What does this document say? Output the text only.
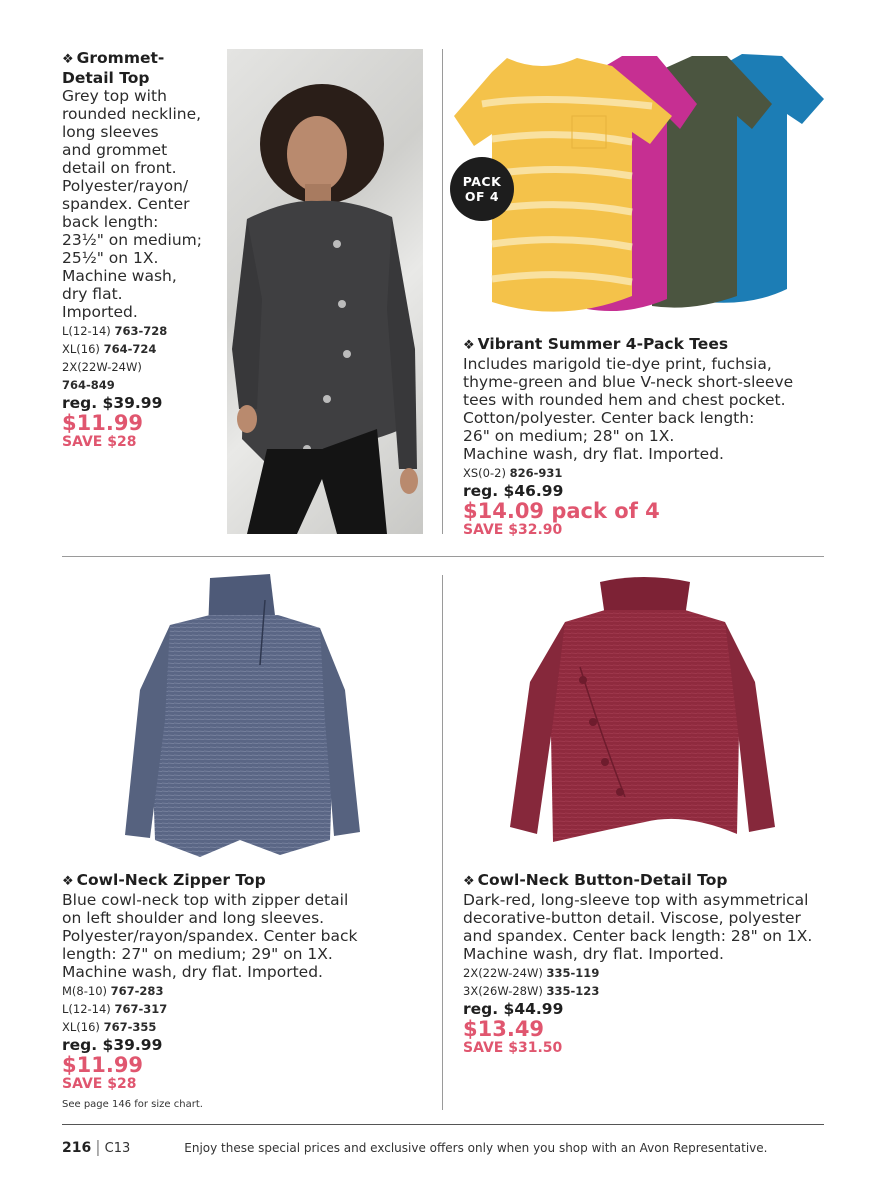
❖ Grommet-
Detail Top
Grey top with
rounded neckline,
long sleeves
and grommet
detail on front.
Polyester/rayon/
spandex. Center
back length:
23½" on medium;
25½" on 1X.
Machine wash,
dry flat.
Imported.
L(12-14) 763-728
XL(16) 764-724
2X(22W-24W)
764-849
reg. $39.99
$11.99
SAVE $28
PACK
OF 4
❖ Vibrant Summer 4-Pack Tees
Includes marigold tie-dye print, fuchsia,
thyme-green and blue V-neck short-sleeve
tees with rounded hem and chest pocket.
Cotton/polyester. Center back length:
26" on medium; 28" on 1X.
Machine wash, dry flat. Imported.
XS(0-2) 826-931
reg. $46.99
$14.09 pack of 4
SAVE $32.90
❖ Cowl-Neck Zipper Top
Blue cowl-neck top with zipper detail
on left shoulder and long sleeves.
Polyester/rayon/spandex. Center back
length: 27" on medium; 29" on 1X.
Machine wash, dry flat. Imported.
M(8-10) 767-283
L(12-14) 767-317
XL(16) 767-355
reg. $39.99
$11.99
SAVE $28
See page 146 for size chart.
❖ Cowl-Neck Button-Detail Top
Dark-red, long-sleeve top with asymmetrical
decorative-button detail. Viscose, polyester
and spandex. Center back length: 28" on 1X.
Machine wash, dry flat. Imported.
2X(22W-24W) 335-119
3X(26W-28W) 335-123
reg. $44.99
$13.49
SAVE $31.50
216 | C13	Enjoy these special prices and exclusive offers only when you shop with an Avon Representative.
